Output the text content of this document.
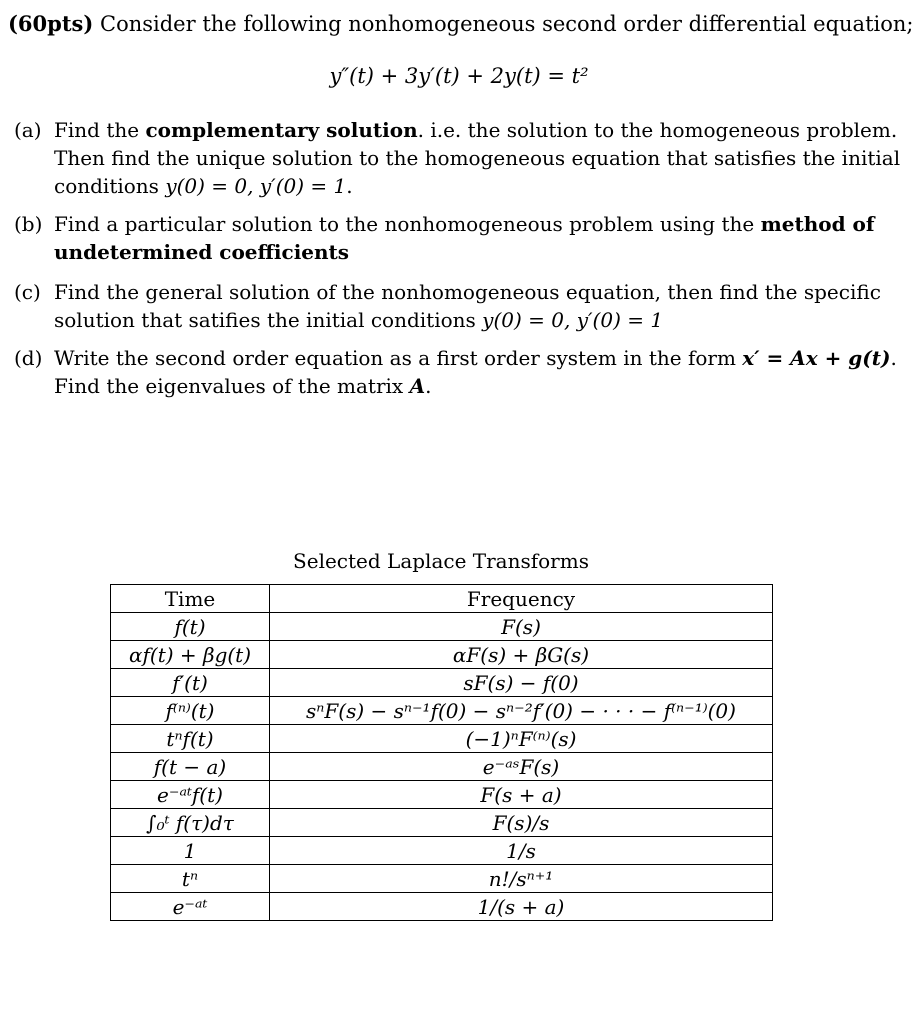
(60pts) Consider the following nonhomogeneous second order differential equation;
y″(t) + 3y′(t) + 2y(t) = t²
(a) Find the complementary solution. i.e. the solution to the homogeneous problem. Then find the unique solution to the homogeneous equation that satisfies the initial conditions y(0) = 0, y′(0) = 1.
(b) Find a particular solution to the nonhomogeneous problem using the method of undetermined coefficients
(c) Find the general solution of the nonhomogeneous equation, then find the specific solution that satifies the initial conditions y(0) = 0, y′(0) = 1
(d) Write the second order equation as a first order system in the form x′ = Ax + g(t). Find the eigenvalues of the matrix A.
Selected Laplace Transforms
Time	Frequency
f(t)	F(s)
αf(t) + βg(t)	αF(s) + βG(s)
f′(t)	sF(s) − f(0)
f⁽ⁿ⁾(t)	sⁿF(s) − sⁿ⁻¹f(0) − sⁿ⁻²f′(0) − · · · − f⁽ⁿ⁻¹⁾(0)
tⁿf(t)	(−1)ⁿF⁽ⁿ⁾(s)
f(t − a)	e⁻ᵃˢF(s)
e⁻ᵃᵗf(t)	F(s + a)
∫₀ᵗ f(τ)dτ	F(s)/s
1	1/s
tⁿ	n!/sⁿ⁺¹
e⁻ᵃᵗ	1/(s + a)
